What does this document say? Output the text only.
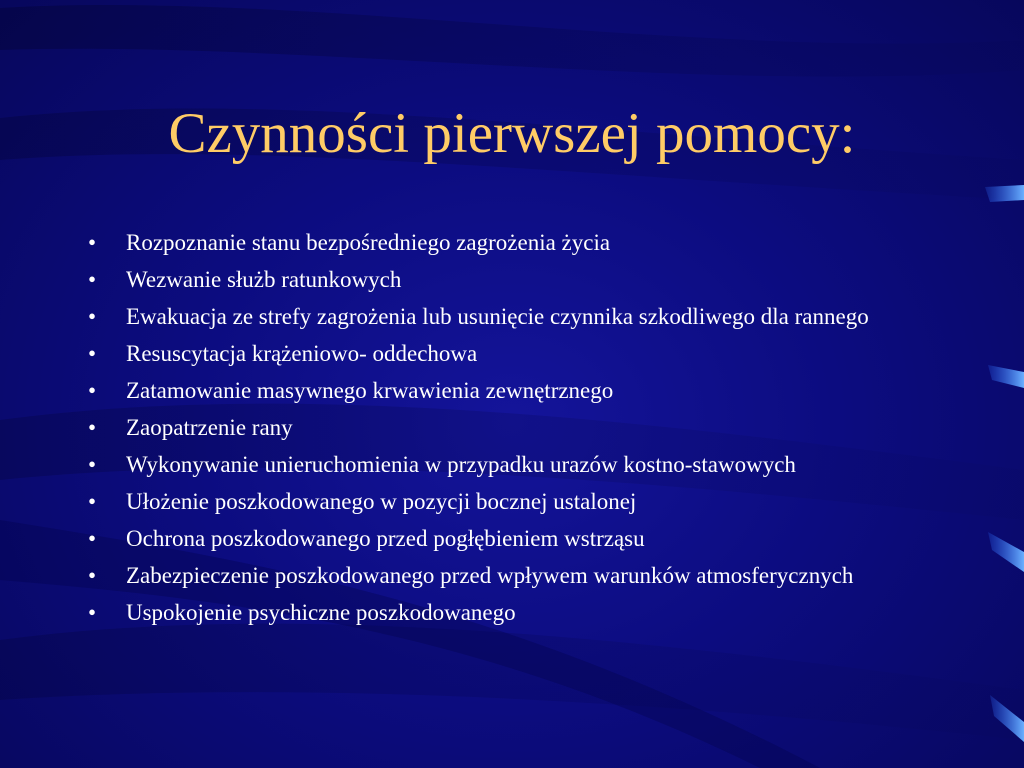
Czynności pierwszej pomocy:
•	Rozpoznanie stanu bezpośredniego zagrożenia życia
•	Wezwanie służb ratunkowych
•	Ewakuacja ze strefy zagrożenia lub usunięcie czynnika szkodliwego dla rannego
•	Resuscytacja krążeniowo- oddechowa
•	Zatamowanie masywnego krwawienia zewnętrznego
•	Zaopatrzenie rany
•	Wykonywanie unieruchomienia w przypadku urazów kostno-stawowych
•	Ułożenie poszkodowanego w pozycji bocznej ustalonej
•	Ochrona poszkodowanego przed pogłębieniem wstrząsu
•	Zabezpieczenie poszkodowanego przed wpływem warunków atmosferycznych
•	Uspokojenie psychiczne poszkodowanego
